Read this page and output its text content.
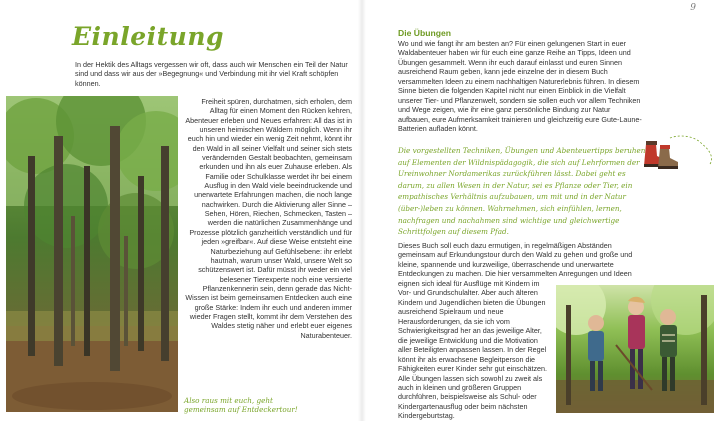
9
Einleitung

In der Hektik des Alltags vergessen wir oft, dass auch wir Menschen ein Teil der Natur sind und dass wir aus der »Begegnung« und Verbindung mit ihr viel Kraft schöpfen können.

Freiheit spüren, durchatmen, sich erholen, dem Alltag für einen Moment den Rücken kehren, Abenteuer erleben und Neues erfahren: All das ist in unseren heimischen Wäldern möglich. Wenn ihr euch hin und wieder ein wenig Zeit nehmt, könnt ihr den Wald in all seiner Vielfalt und seiner sich stets verändernden Gestalt beobachten, gemeinsam erkunden und ihn als euer Zuhause erleben. Als Familie oder Schulklasse werdet ihr bei einem Ausflug in den Wald viele beeindruckende und unerwartete Erfahrungen machen, die noch lange nachwirken. Durch die Aktivierung aller Sinne – Sehen, Hören, Riechen, Schmecken, Tasten – werden die natürlichen Zusammenhänge und Prozesse plötzlich ganzheitlich verständlich und für jeden »greifbar«. Auf diese Weise entsteht eine Naturbeziehung auf Gefühlsebene: ihr erlebt hautnah, warum unser Wald, unsere Welt so schützenswert ist. Dafür müsst ihr weder ein viel belesener Tierexperte noch eine versierte Pflanzenkennerin sein, denn gerade das Nicht-Wissen ist beim gemeinsamen Entdecken auch eine große Stärke: Indem ihr euch und anderen immer wieder Fragen stellt, kommt ihr dem Verstehen des Waldes stetig näher und erlebt euer eigenes Naturabenteuer.

Also raus mit euch, geht gemeinsam auf Entdeckertour!

Die Übungen

Wo und wie fangt ihr am besten an? Für einen gelungenen Start in euer Waldabenteuer haben wir für euch eine ganze Reihe an Tipps, Ideen und Übungen gesammelt. Wenn ihr euch darauf einlasst und euren Sinnen ausreichend Raum geben, kann jede einzelne der in diesem Buch versammelten Ideen zu einem nachhaltigen Naturerlebnis führen. In diesem Sinne bieten die folgenden Kapitel nicht nur einen Einblick in die Vielfalt unserer Tier- und Pflanzenwelt, sondern sie sollen euch vor allem Techniken und Wege zeigen, wie ihr eine ganz persönliche Bindung zur Natur aufbauen, eure Aufmerksamkeit trainieren und gleichzeitig eure Gute-Laune-Batterien aufladen könnt.

Die vorgestellten Techniken, Übungen und Abenteuertipps beruhen auf Elementen der Wildnispädagogik, die sich auf Lehrformen der Ureinwohner Nordamerikas zurückführen lässt. Dabei geht es darum, zu allen Wesen in der Natur, sei es Pflanze oder Tier, ein empathisches Verhältnis aufzubauen, um mit und in der Natur (über-)leben zu können. Wahrnehmen, sich einfühlen, lernen, nachfragen und nachahmen sind wichtige und gleichwertige Schrittfolgen auf diesem Pfad.

Dieses Buch soll euch dazu ermutigen, in regelmäßigen Abständen gemeinsam auf Erkundungstour durch den Wald zu gehen und große und kleine, spannende und kurzweilige, überraschende und unerwartete Entdeckungen zu machen. Die hier versammelten Anregungen und Ideen

eignen sich ideal für Ausflüge mit Kindern im Vor- und Grundschulalter. Aber auch älteren Kindern und Jugendlichen bieten die Übungen ausreichend Spielraum und neue Herausforderungen, da sie ich vom Schwierigkeitsgrad her an das jeweilige Alter, die jeweilige Entwicklung und die Motivation aller Beteiligten anpassen lassen. In der Regel könnt ihr als erwachsene Begleitperson die Fähigkeiten eurer Kinder sehr gut einschätzen. Alle Übungen lassen sich sowohl zu zweit als auch in kleinen und größeren Gruppen durchführen, beispielsweise als Schul- oder Kindergartenausflug oder beim nächsten Kindergeburtstag.
